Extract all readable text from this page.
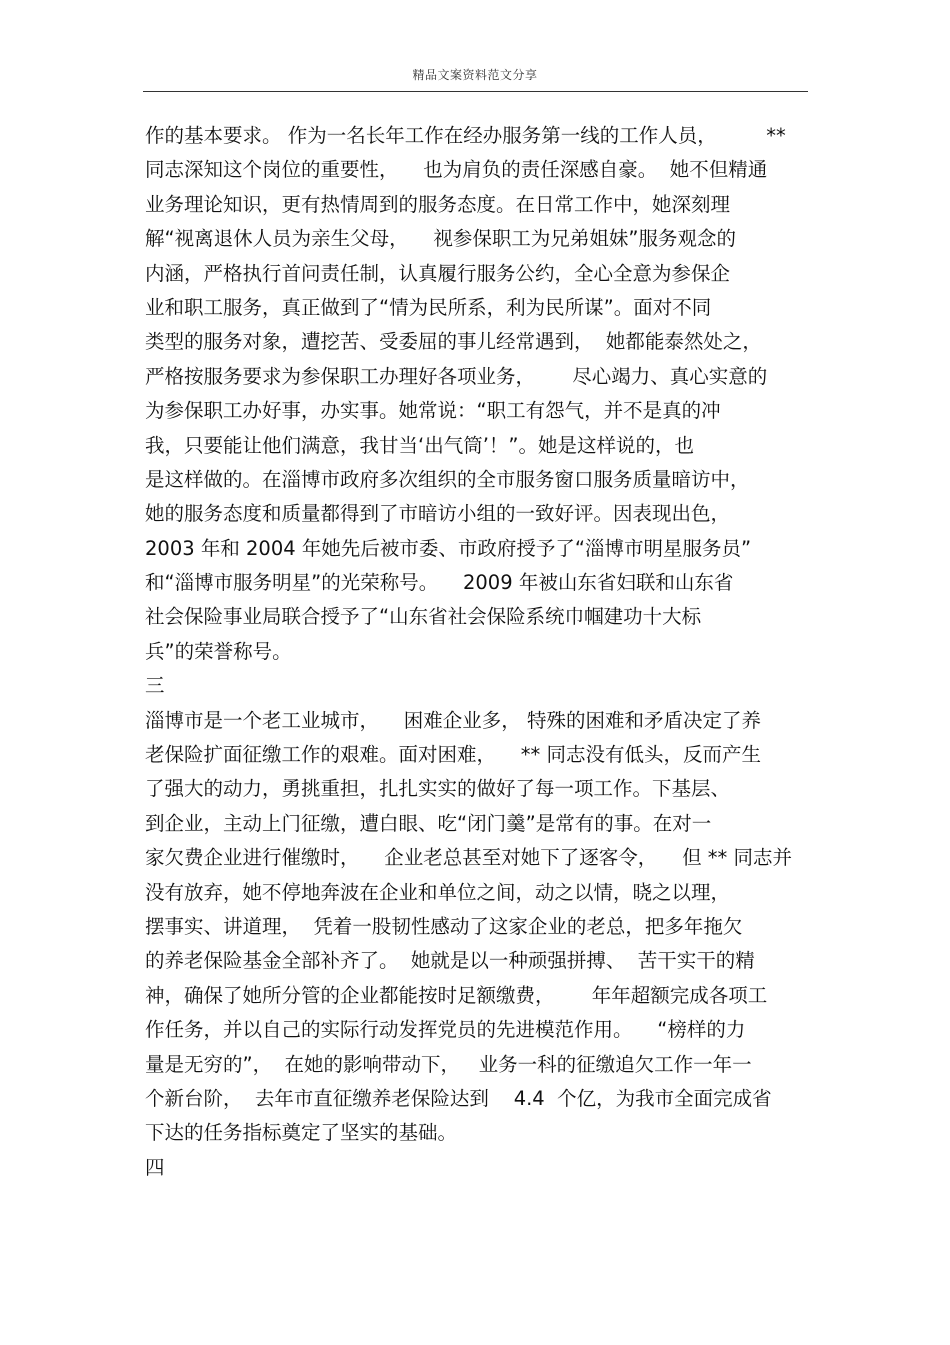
精品文案资料范文分享
作的基本要求。 作为一名长年工作在经办服务第一线的工作人员，        **
同志深知这个岗位的重要性，    也为肩负的责任深感自豪。  她不但精通
业务理论知识，更有热情周到的服务态度。在日常工作中，她深刻理
解“视离退休人员为亲生父母，    视参保职工为兄弟姐妹”服务观念的
内涵，严格执行首问责任制，认真履行服务公约，全心全意为参保企
业和职工服务，真正做到了“情为民所系，利为民所谋”。面对不同
类型的服务对象，遭挖苦、受委屈的事儿经常遇到，  她都能泰然处之，
严格按服务要求为参保职工办理好各项业务，      尽心竭力、真心实意的
为参保职工办好事，办实事。她常说：“职工有怨气，并不是真的冲
我，只要能让他们满意，我甘当‘出气筒’！”。她是这样说的，也
是这样做的。在淄博市政府多次组织的全市服务窗口服务质量暗访中，
她的服务态度和质量都得到了市暗访小组的一致好评。因表现出色，
2003 年和 2004 年她先后被市委、市政府授予了“淄博市明星服务员”
和“淄博市服务明星”的光荣称号。    2009 年被山东省妇联和山东省
社会保险事业局联合授予了“山东省社会保险系统巾帼建功十大标
兵”的荣誉称号。
三
淄博市是一个老工业城市，    困难企业多， 特殊的困难和矛盾决定了养
老保险扩面征缴工作的艰难。面对困难，    ** 同志没有低头，反而产生
了强大的动力，勇挑重担，扎扎实实的做好了每一项工作。下基层、
到企业，主动上门征缴，遭白眼、吃“闭门羹”是常有的事。在对一
家欠费企业进行催缴时，    企业老总甚至对她下了逐客令，    但 ** 同志并
没有放弃，她不停地奔波在企业和单位之间，动之以情，晓之以理，
摆事实、讲道理，  凭着一股韧性感动了这家企业的老总，把多年拖欠
的养老保险基金全部补齐了。  她就是以一种顽强拼搏、  苦干实干的精
神，确保了她所分管的企业都能按时足额缴费，      年年超额完成各项工
作任务，并以自己的实际行动发挥党员的先进模范作用。    “榜样的力
量是无穷的”，  在她的影响带动下，   业务一科的征缴追欠工作一年一
个新台阶，  去年市直征缴养老保险达到    4.4  个亿，为我市全面完成省
下达的任务指标奠定了坚实的基础。
四
